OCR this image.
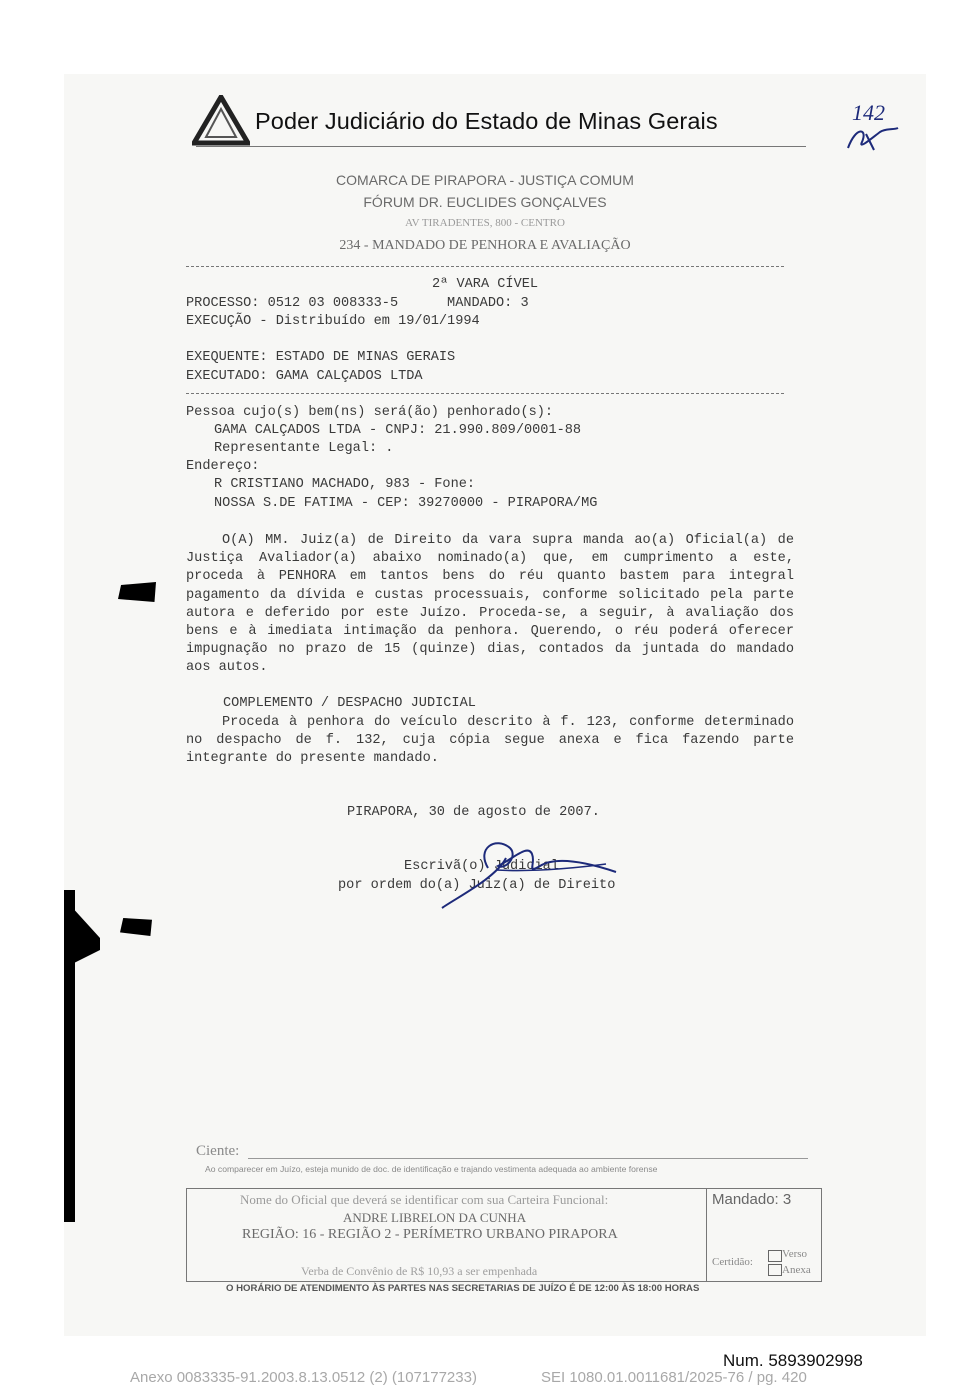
Poder Judiciário do Estado de Minas Gerais	142
COMARCA DE PIRAPORA - JUSTIÇA COMUM
FÓRUM DR. EUCLIDES GONÇALVES
AV TIRADENTES, 800 - CENTRO
234 - MANDADO DE PENHORA E AVALIAÇÃO
2ª VARA CÍVEL
PROCESSO: 0512 03 008333-5      MANDADO: 3
EXECUÇÃO - Distribuído em 19/01/1994
EXEQUENTE: ESTADO DE MINAS GERAIS
EXECUTADO: GAMA CALÇADOS LTDA
Pessoa cujo(s) bem(ns) será(ão) penhorado(s):
GAMA CALÇADOS LTDA - CNPJ: 21.990.809/0001-88
Representante Legal: .
Endereço:
R CRISTIANO MACHADO, 983 - Fone:
NOSSA S.DE FATIMA - CEP: 39270000 - PIRAPORA/MG
O(A) MM. Juiz(a) de Direito da vara supra manda ao(a) Oficial(a) de Justiça Avaliador(a) abaixo nominado(a) que, em cumprimento a este, proceda à PENHORA em tantos bens do réu quanto bastem para integral pagamento da dívida e custas processuais, conforme solicitado pela parte autora e deferido por este Juízo. Proceda-se, a seguir, à avaliação dos bens e à imediata intimação da penhora. Querendo, o réu poderá oferecer impugnação no prazo de 15 (quinze) dias, contados da juntada do mandado aos autos.
COMPLEMENTO / DESPACHO JUDICIAL
Proceda à penhora do veículo descrito à f. 123, conforme determinado no despacho de f. 132, cuja cópia segue anexa e fica fazendo parte integrante do presente mandado.
PIRAPORA, 30 de agosto de 2007.
Escrivã(o) Judicial
por ordem do(a) Juiz(a) de Direito
Ciente:
Ao comparecer em Juízo, esteja munido de doc. de identificação e trajando vestimenta adequada ao ambiente forense
Nome do Oficial que deverá se identificar com sua Carteira Funcional:
ANDRE LIBRELON DA CUNHA
REGIÃO: 16 - REGIÃO 2 - PERÍMETRO URBANO PIRAPORA
Verba de Convênio de R$ 10,93 a ser empenhada
Mandado: 3
Certidão:
Verso
Anexa
O HORÁRIO DE ATENDIMENTO ÀS PARTES NAS SECRETARIAS DE JUÍZO É DE 12:00 ÀS 18:00 HORAS
Num. 5893902998
Anexo 0083335-91.2003.8.13.0512 (2) (107177233)	SEI 1080.01.0011681/2025-76 / pg. 420
